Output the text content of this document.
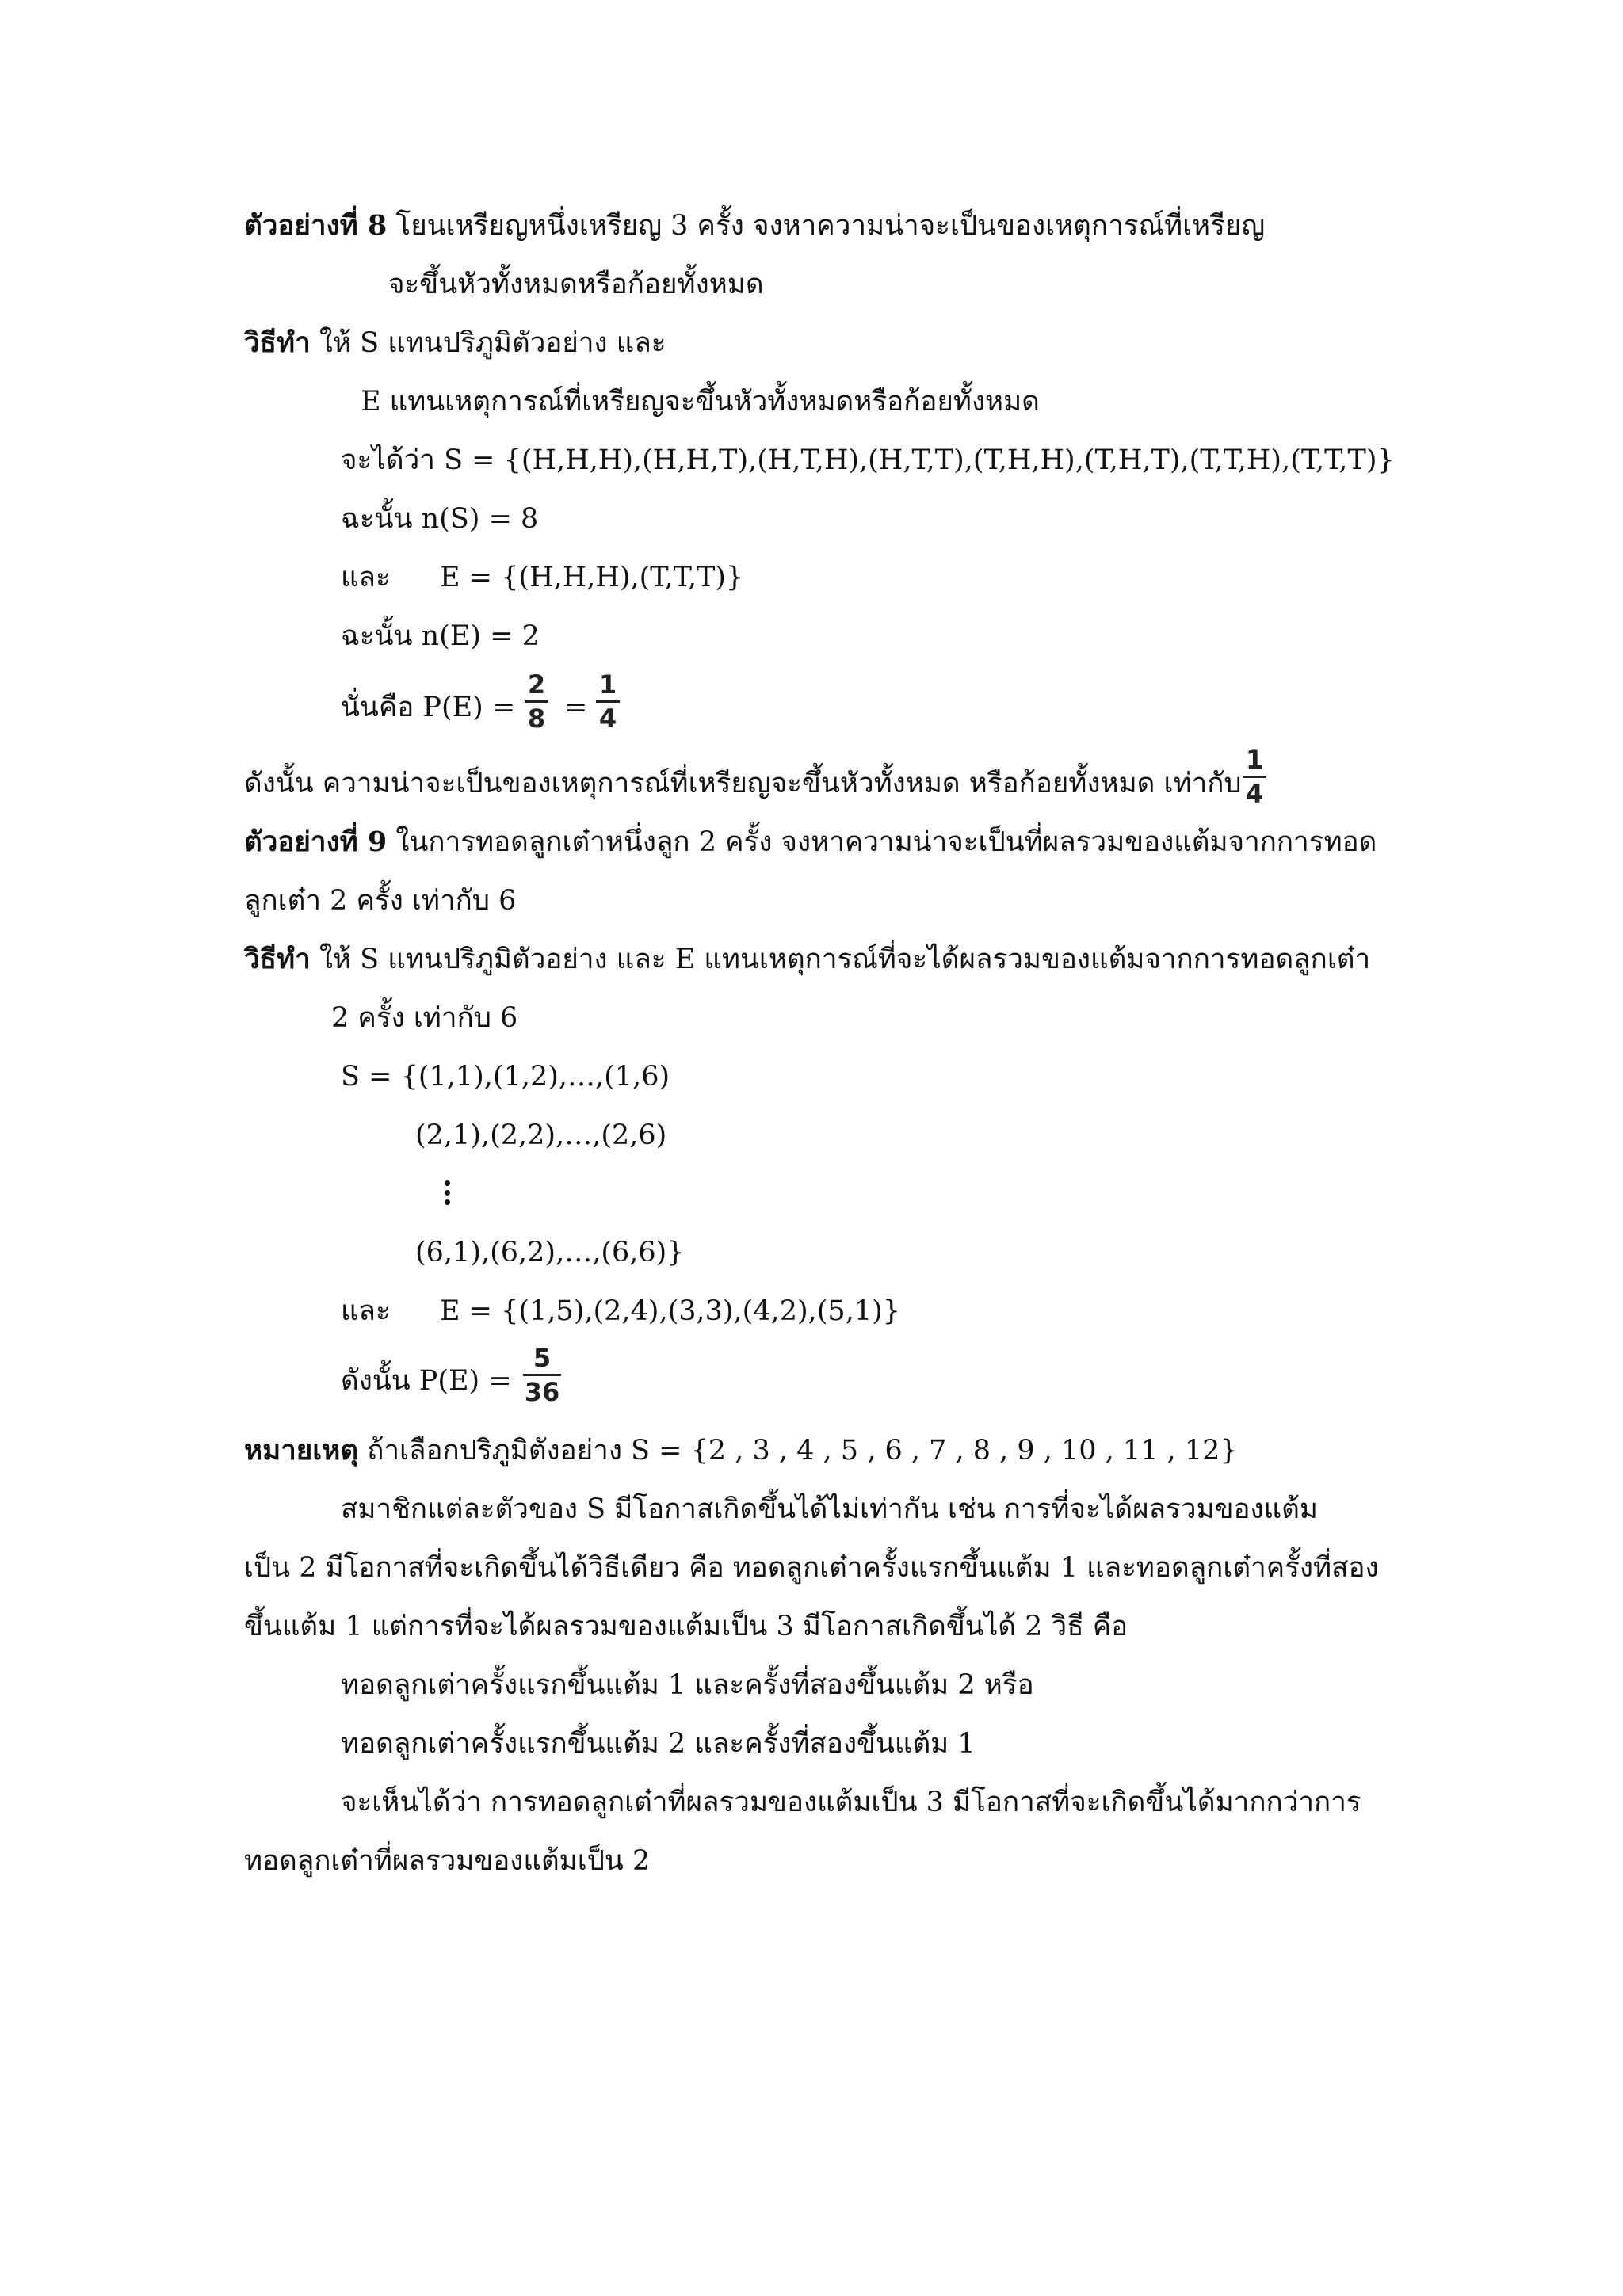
ตัวอย่างที่ 8 โยนเหรียญหนึ่งเหรียญ 3 ครั้ง จงหาความน่าจะเป็นของเหตุการณ์ที่เหรียญ
จะขึ้นหัวทั้งหมดหรือก้อยทั้งหมด
วิธีทำ ให้ S แทนปริภูมิตัวอย่าง และ
E แทนเหตุการณ์ที่เหรียญจะขึ้นหัวทั้งหมดหรือก้อยทั้งหมด
จะได้ว่า S = {(H,H,H),(H,H,T),(H,T,H),(H,T,T),(T,H,H),(T,H,T),(T,T,H),(T,T,T)}
ฉะนั้น n(S) = 8
และ E = {(H,H,H),(T,T,T)}
ฉะนั้น n(E) = 2
นั่นคือ P(E) =
2
8 =
1
4
ดังนั้น ความน่าจะเป็นของเหตุการณ์ที่เหรียญจะขึ้นหัวทั้งหมด หรือก้อยทั้งหมด เท่ากับ
1
4
ตัวอย่างที่ 9 ในการทอดลูกเต๋าหนึ่งลูก 2 ครั้ง จงหาความน่าจะเป็นที่ผลรวมของแต้มจากการทอด
ลูกเต๋า 2 ครั้ง เท่ากับ 6
วิธีทำ ให้ S แทนปริภูมิตัวอย่าง และ E แทนเหตุการณ์ที่จะได้ผลรวมของแต้มจากการทอดลูกเต๋า
2 ครั้ง เท่ากับ 6
S = {(1,1),(1,2),…,(1,6)
(2,1),(2,2),…,(2,6)
(6,1),(6,2),…,(6,6)}
และ E = {(1,5),(2,4),(3,3),(4,2),(5,1)}
ดังนั้น P(E) =
5
36
หมายเหตุ ถ้าเลือกปริภูมิตังอย่าง S = {2 , 3 , 4 , 5 , 6 , 7 , 8 , 9 , 10 , 11 , 12}
สมาชิกแต่ละตัวของ S มีโอกาสเกิดขึ้นได้ไม่เท่ากัน เช่น การที่จะได้ผลรวมของแต้ม
เป็น 2 มีโอกาสที่จะเกิดขึ้นได้วิธีเดียว คือ ทอดลูกเต๋าครั้งแรกขึ้นแต้ม 1 และทอดลูกเต๋าครั้งที่สอง
ขึ้นแต้ม 1 แต่การที่จะได้ผลรวมของแต้มเป็น 3 มีโอกาสเกิดขึ้นได้ 2 วิธี คือ
ทอดลูกเต่าครั้งแรกขึ้นแต้ม 1 และครั้งที่สองขึ้นแต้ม 2 หรือ
ทอดลูกเต่าครั้งแรกขึ้นแต้ม 2 และครั้งที่สองขึ้นแต้ม 1
จะเห็นได้ว่า การทอดลูกเต๋าที่ผลรวมของแต้มเป็น 3 มีโอกาสที่จะเกิดขึ้นได้มากกว่าการ
ทอดลูกเต๋าที่ผลรวมของแต้มเป็น 2
